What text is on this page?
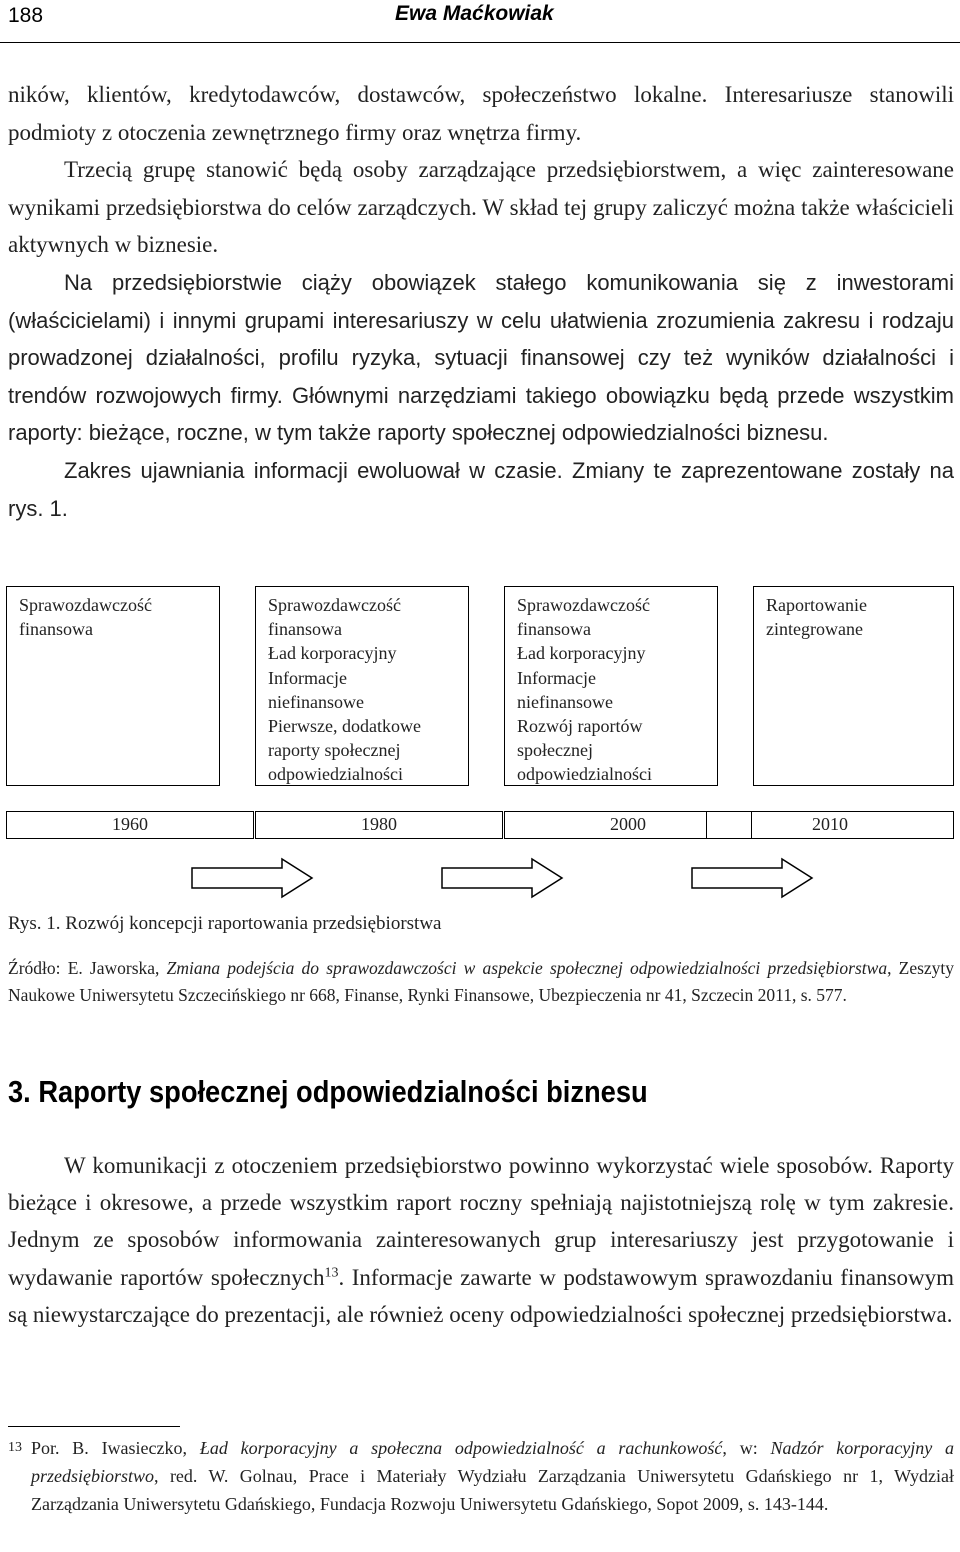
188	Ewa Maćkowiak

ników, klientów, kredytodawców, dostawców, społeczeństwo lokalne. Interesariusze stanowili podmioty z otoczenia zewnętrznego firmy oraz wnętrza firmy.

Trzecią grupę stanowić będą osoby zarządzające przedsiębiorstwem, a więc zainteresowane wynikami przedsiębiorstwa do celów zarządczych. W skład tej grupy zaliczyć można także właścicieli aktywnych w biznesie.

Na przedsiębiorstwie ciąży obowiązek stałego komunikowania się z inwestorami (właścicielami) i innymi grupami interesariuszy w celu ułatwienia zrozumienia zakresu i rodzaju prowadzonej działalności, profilu ryzyka, sytuacji finansowej czy też wyników działalności i trendów rozwojowych firmy. Głównymi narzędziami takiego obowiązku będą przede wszystkim raporty: bieżące, roczne, w tym także raporty społecznej odpowiedzialności biznesu.

Zakres ujawniania informacji ewoluował w czasie. Zmiany te zaprezentowane zostały na rys. 1.

Sprawozdawczość
finansowa
Sprawozdawczość
finansowa
Ład korporacyjny
Informacje
niefinansowe
Pierwsze, dodatkowe
raporty społecznej
odpowiedzialności
Sprawozdawczość
finansowa
Ład korporacyjny
Informacje
niefinansowe
Rozwój raportów
społecznej
odpowiedzialności
Raportowanie
zintegrowane
1960	1980	2000	2010
Rys. 1. Rozwój koncepcji raportowania przedsiębiorstwa
Źródło: E. Jaworska, Zmiana podejścia do sprawozdawczości w aspekcie społecznej odpowiedzialności przedsiębiorstwa, Zeszyty Naukowe Uniwersytetu Szczecińskiego nr 668, Finanse, Rynki Finansowe, Ubezpieczenia nr 41, Szczecin 2011, s. 577.
3. Raporty społecznej odpowiedzialności biznesu

W komunikacji z otoczeniem przedsiębiorstwo powinno wykorzystać wiele sposobów. Raporty bieżące i okresowe, a przede wszystkim raport roczny spełniają najistotniejszą rolę w tym zakresie. Jednym ze sposobów informowania zainteresowanych grup interesariuszy jest przygotowanie i wydawanie raportów społecznych$^{13}$. Informacje zawarte w podstawowym sprawozdaniu finansowym są niewystarczające do prezentacji, ale również oceny odpowiedzialności społecznej przedsiębiorstwa.

13 Por. B. Iwasieczko, Ład korporacyjny a społeczna odpowiedzialność a rachunkowość, w: Nadzór korporacyjny a przedsiębiorstwo, red. W. Golnau, Prace i Materiały Wydziału Zarządzania Uniwersytetu Gdańskiego nr 1, Wydział Zarządzania Uniwersytetu Gdańskiego, Fundacja Rozwoju Uniwersytetu Gdańskiego, Sopot 2009, s. 143-144.
